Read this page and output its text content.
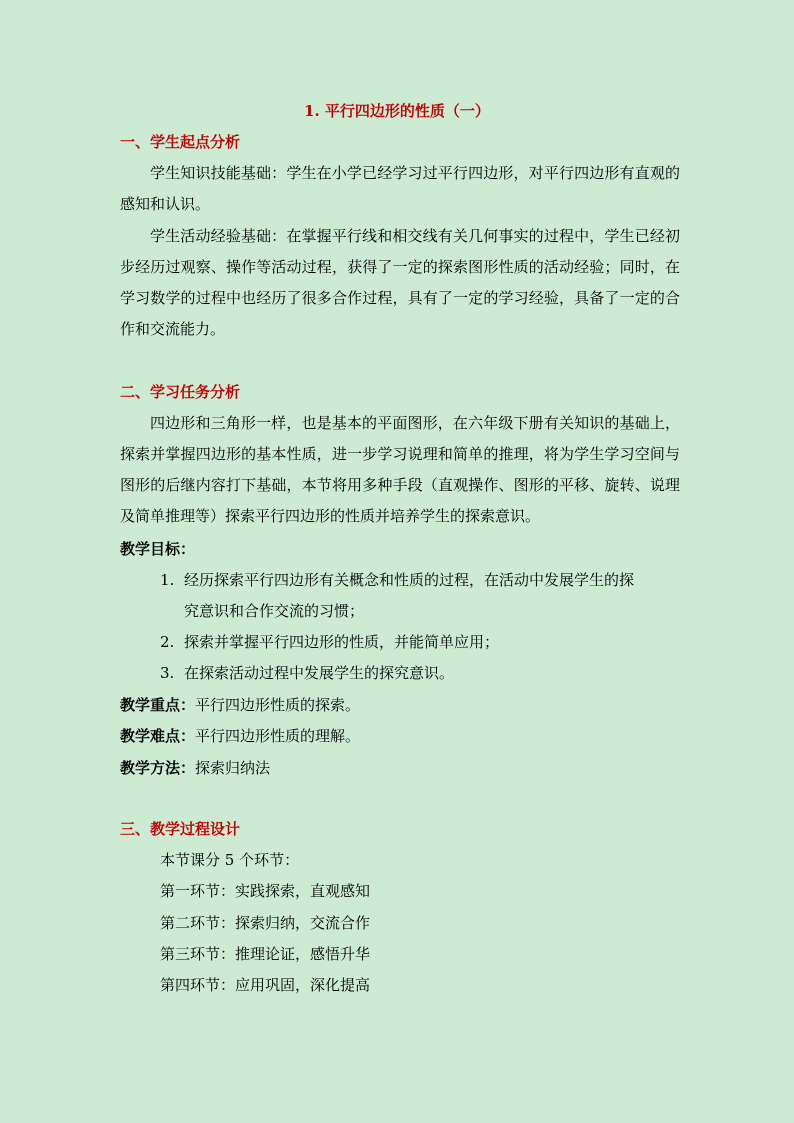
1. 平行四边形的性质（一）
一、学生起点分析
学生知识技能基础：学生在小学已经学习过平行四边形，对平行四边形有直观的感知和认识。
学生活动经验基础：在掌握平行线和相交线有关几何事实的过程中，学生已经初步经历过观察、操作等活动过程，获得了一定的探索图形性质的活动经验；同时，在学习数学的过程中也经历了很多合作过程，具有了一定的学习经验，具备了一定的合作和交流能力。
二、学习任务分析
四边形和三角形一样，也是基本的平面图形，在六年级下册有关知识的基础上，探索并掌握四边形的基本性质，进一步学习说理和简单的推理，将为学生学习空间与图形的后继内容打下基础，本节将用多种手段（直观操作、图形的平移、旋转、说理及简单推理等）探索平行四边形的性质并培养学生的探索意识。
教学目标：
1. 经历探索平行四边形有关概念和性质的过程，在活动中发展学生的探
究意识和合作交流的习惯；
2. 探索并掌握平行四边形的性质，并能简单应用；
3. 在探索活动过程中发展学生的探究意识。
教学重点：平行四边形性质的探索。
教学难点：平行四边形性质的理解。
教学方法：探索归纳法
三、教学过程设计
本节课分 5 个环节：
第一环节：实践探索，直观感知
第二环节：探索归纳，交流合作
第三环节：推理论证，感悟升华
第四环节：应用巩固，深化提高
